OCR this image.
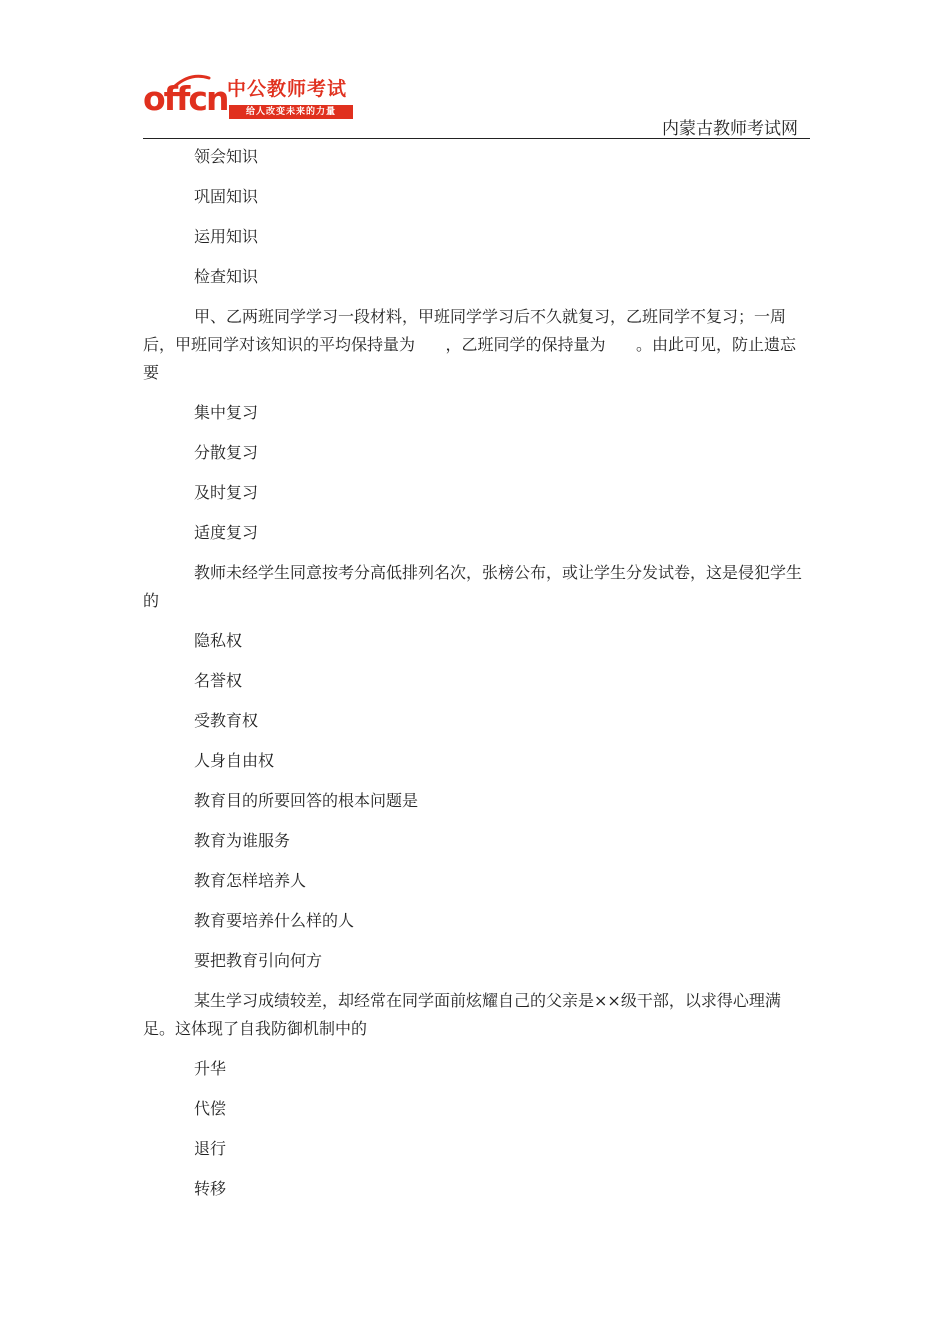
offcn 中公教师考试
给人改变未来的力量
内蒙古教师考试网

领会知识

巩固知识

运用知识

检查知识

甲、乙两班同学学习一段材料，甲班同学学习后不久就复习，乙班同学不复习；一周后，甲班同学对该知识的平均保持量为      ，乙班同学的保持量为      。由此可见，防止遗忘要

集中复习

分散复习

及时复习

适度复习

教师未经学生同意按考分高低排列名次，张榜公布，或让学生分发试卷，这是侵犯学生的

隐私权

名誉权

受教育权

人身自由权

教育目的所要回答的根本问题是

教育为谁服务

教育怎样培养人

教育要培养什么样的人

要把教育引向何方

某生学习成绩较差，却经常在同学面前炫耀自己的父亲是××级干部，以求得心理满足。这体现了自我防御机制中的

升华

代偿

退行

转移
